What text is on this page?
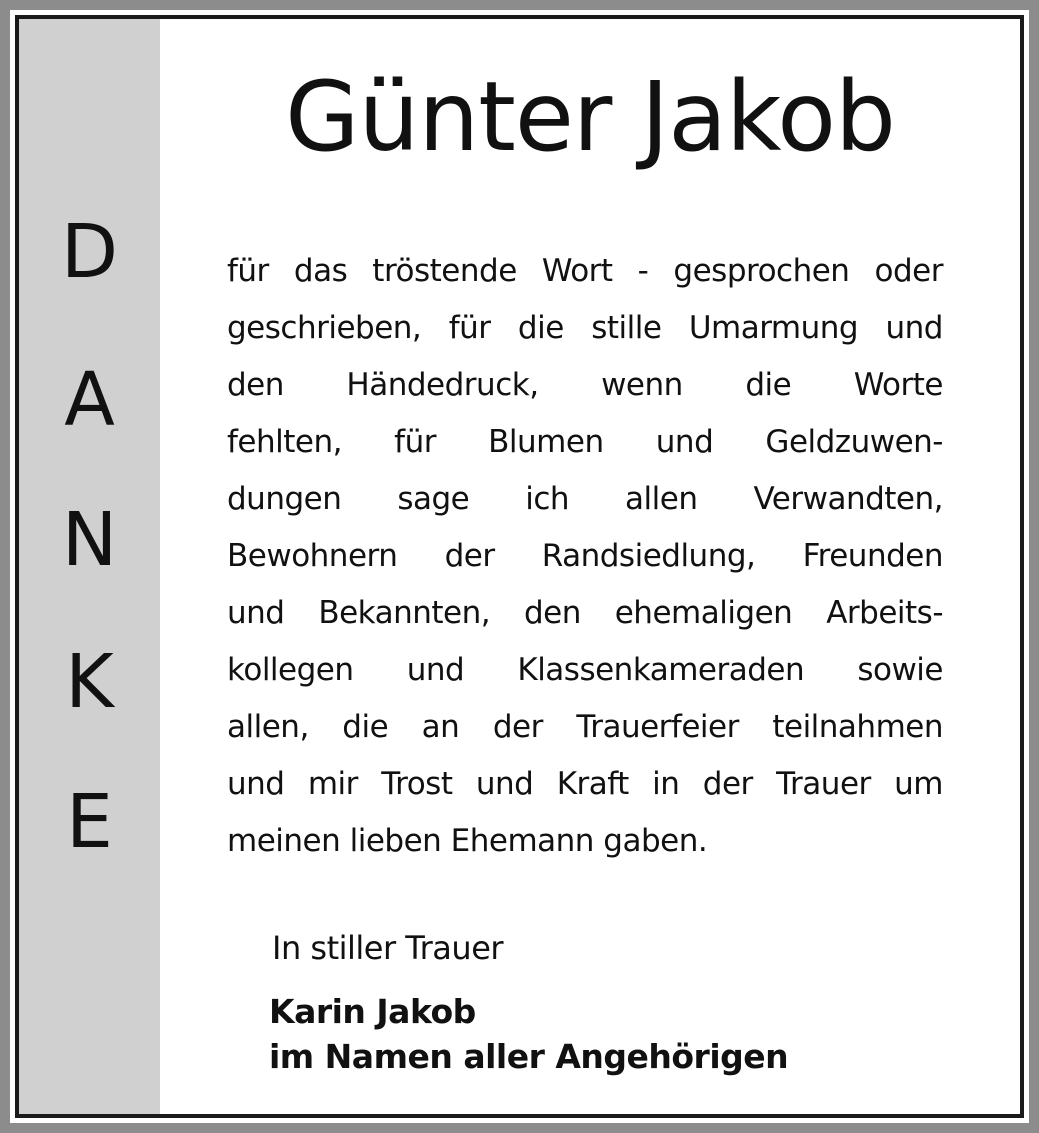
D
A
N
K
E
Günter Jakob
für das tröstende Wort - gesprochen oder
geschrieben, für die stille Umarmung und
den Händedruck, wenn die Worte
fehlten, für Blumen und Geldzuwen-
dungen sage ich allen Verwandten,
Bewohnern der Randsiedlung, Freunden
und Bekannten, den ehemaligen Arbeits-
kollegen und Klassenkameraden sowie
allen, die an der Trauerfeier teilnahmen
und mir Trost und Kraft in der Trauer um
meinen lieben Ehemann gaben.
In stiller Trauer
Karin Jakob
im Namen aller Angehörigen
